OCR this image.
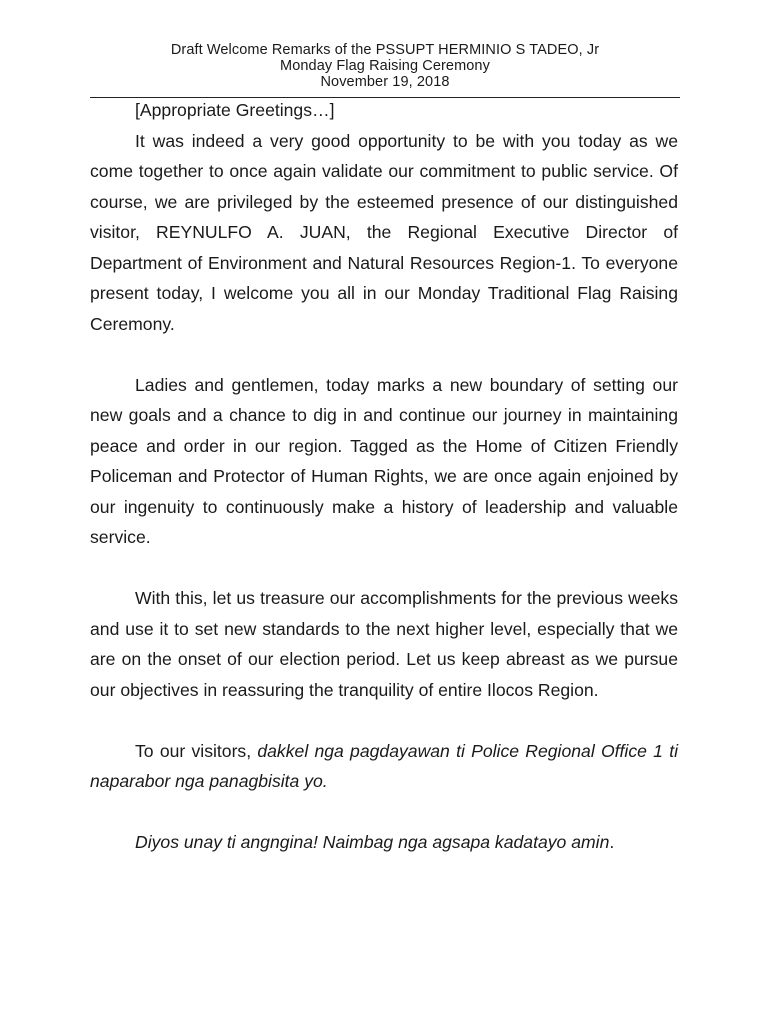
Draft Welcome Remarks of the PSSUPT HERMINIO S TADEO, Jr
Monday Flag Raising Ceremony
November 19, 2018

[Appropriate Greetings…]

It was indeed a very good opportunity to be with you today as we come together to once again validate our commitment to public service. Of course, we are privileged by the esteemed presence of our distinguished visitor, REYNULFO A. JUAN, the Regional Executive Director of Department of Environment and Natural Resources Region-1. To everyone present today, I welcome you all in our Monday Traditional Flag Raising Ceremony.

Ladies and gentlemen, today marks a new boundary of setting our new goals and a chance to dig in and continue our journey in maintaining peace and order in our region. Tagged as the Home of Citizen Friendly Policeman and Protector of Human Rights, we are once again enjoined by our ingenuity to continuously make a history of leadership and valuable service.

With this, let us treasure our accomplishments for the previous weeks and use it to set new standards to the next higher level, especially that we are on the onset of our election period. Let us keep abreast as we pursue our objectives in reassuring the tranquility of entire Ilocos Region.

To our visitors, dakkel nga pagdayawan ti Police Regional Office 1 ti naparabor nga panagbisita yo.

Diyos unay ti angngina! Naimbag nga agsapa kadatayo amin.
